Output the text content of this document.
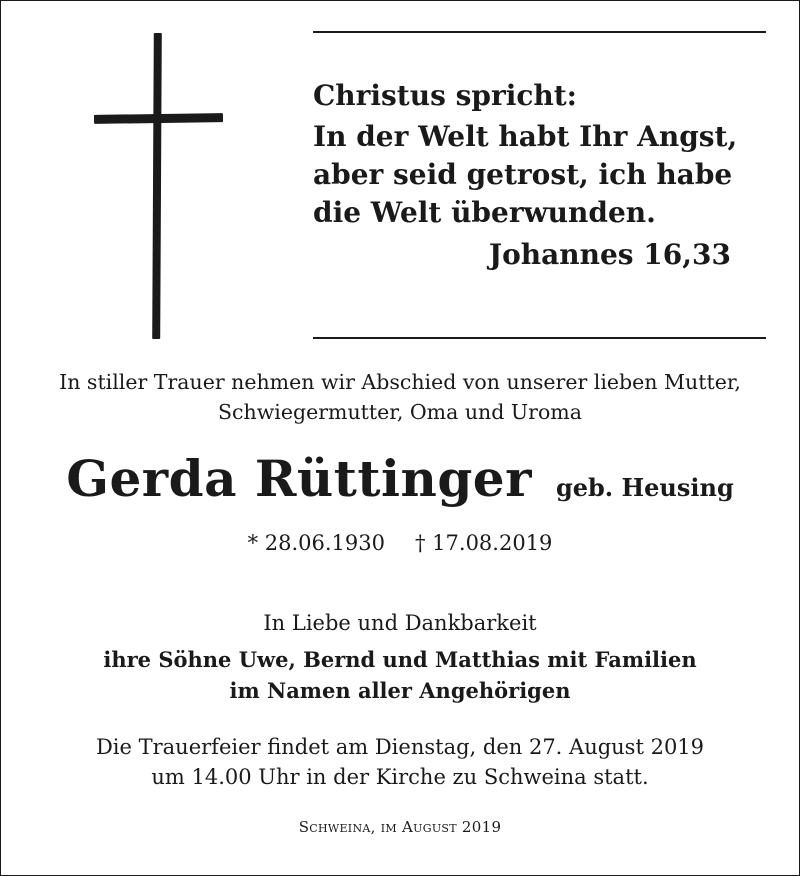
Christus spricht:
In der Welt habt Ihr Angst,
aber seid getrost, ich habe
die Welt überwunden.
Johannes 16,33
In stiller Trauer nehmen wir Abschied von unserer lieben Mutter,
Schwiegermutter, Oma und Uroma
Gerda Rüttinger geb. Heusing
* 28.06.1930 † 17.08.2019
In Liebe und Dankbarkeit
ihre Söhne Uwe, Bernd und Matthias mit Familien
im Namen aller Angehörigen
Die Trauerfeier findet am Dienstag, den 27. August 2019
um 14.00 Uhr in der Kirche zu Schweina statt.
Schweina, im August 2019
